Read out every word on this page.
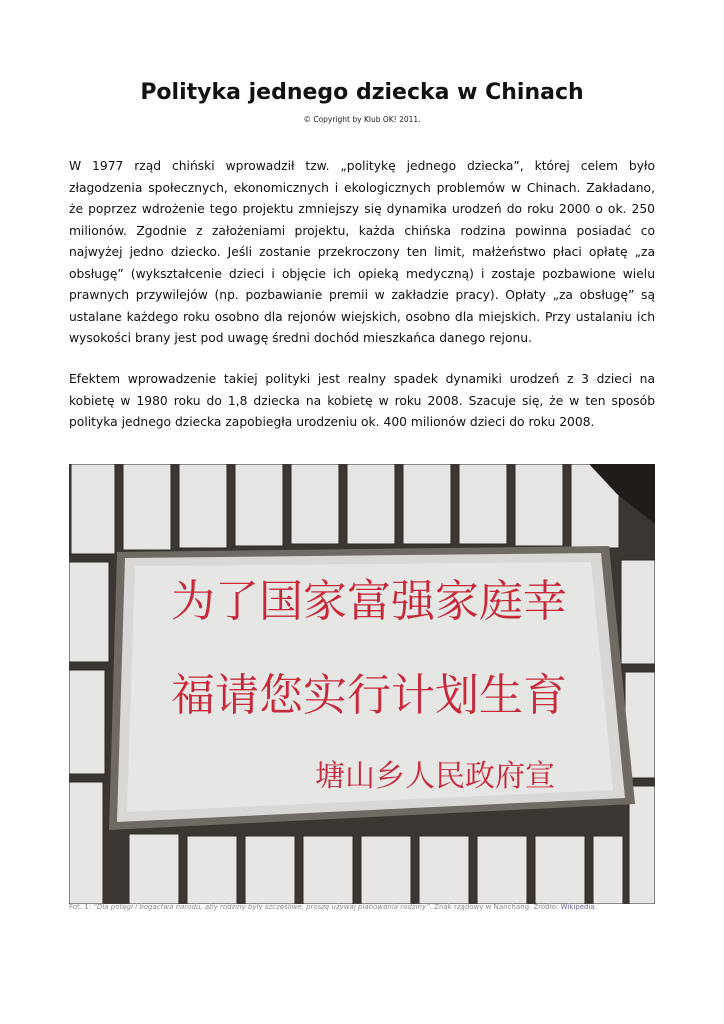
Polityka jednego dziecka w Chinach
© Copyright by Klub OK! 2011.
W 1977 rząd chiński wprowadził tzw. „politykę jednego dziecka”, której celem było złagodzenia społecznych, ekonomicznych i ekologicznych problemów w Chinach. Zakładano, że poprzez wdrożenie tego projektu zmniejszy się dynamika urodzeń do roku 2000 o ok. 250 milionów. Zgodnie z założeniami projektu, każda chińska rodzina powinna posiadać co najwyżej jedno dziecko. Jeśli zostanie przekroczony ten limit, małżeństwo płaci opłatę „za obsługę” (wykształcenie dzieci i objęcie ich opieką medyczną) i zostaje pozbawione wielu prawnych przywilejów (np. pozbawianie premii w zakładzie pracy). Opłaty „za obsługę” są ustalane każdego roku osobno dla rejonów wiejskich, osobno dla miejskich. Przy ustalaniu ich wysokości brany jest pod uwagę średni dochód mieszkańca danego rejonu.
Efektem wprowadzenie takiej polityki jest realny spadek dynamiki urodzeń z 3 dzieci na kobietę w 1980 roku do 1,8 dziecka na kobietę w roku 2008. Szacuje się, że w ten sposób polityka jednego dziecka zapobiegła urodzeniu ok. 400 milionów dzieci do roku 2008.
为了国家富强家庭幸
福请您实行计划生育
塘山乡人民政府宣
Fot. 1: “Dla potęgi i bogactwa narodu, aby rodziny były szczęśliwe, proszę używaj planowania rodziny”. Znak rządowy w Nanchang. Źródło: Wikipedia.
